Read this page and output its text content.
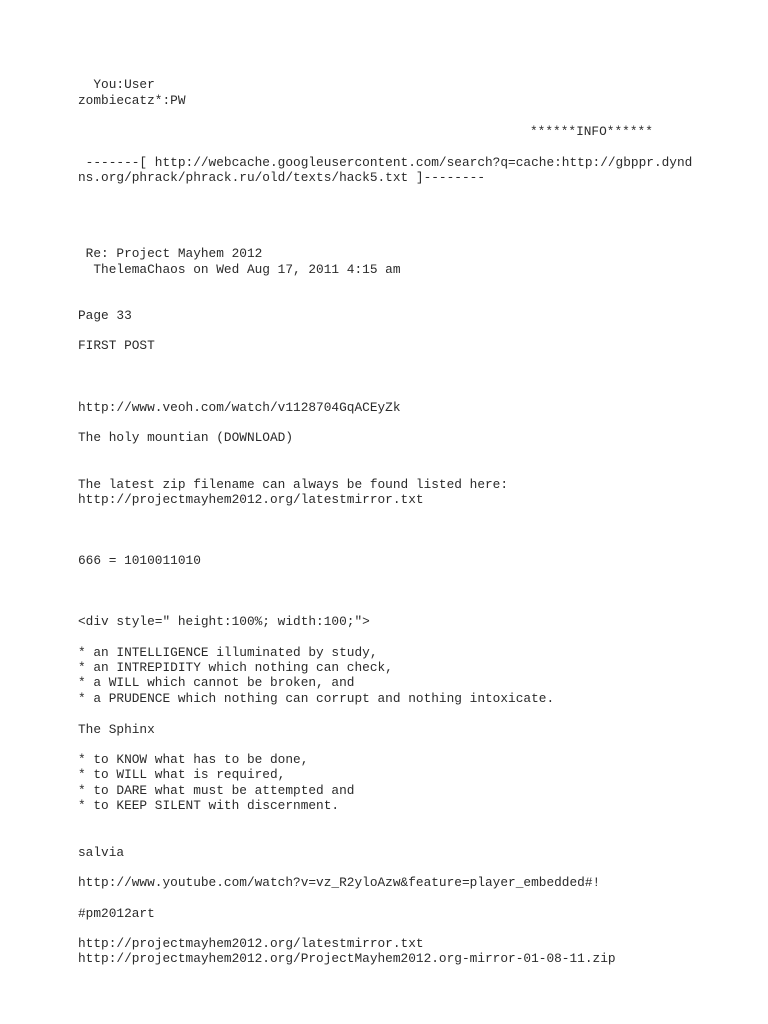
You:User
zombiecatz*:PW
******INFO******
-------[ http://webcache.googleusercontent.com/search?q=cache:http://gbppr.dynd
ns.org/phrack/phrack.ru/old/texts/hack5.txt ]--------
Re: Project Mayhem 2012
ThelemaChaos on Wed Aug 17, 2011 4:15 am
Page 33
FIRST POST
http://www.veoh.com/watch/v1128704GqACEyZk
The holy mountian (DOWNLOAD)
The latest zip filename can always be found listed here:
http://projectmayhem2012.org/latestmirror.txt
666 = 1010011010
<div style=" height:100%; width:100;">
* an INTELLIGENCE illuminated by study,
* an INTREPIDITY which nothing can check,
* a WILL which cannot be broken, and
* a PRUDENCE which nothing can corrupt and nothing intoxicate.
The Sphinx
* to KNOW what has to be done,
* to WILL what is required,
* to DARE what must be attempted and
* to KEEP SILENT with discernment.
salvia
http://www.youtube.com/watch?v=vz_R2yloAzw&feature=player_embedded#!
#pm2012art
http://projectmayhem2012.org/latestmirror.txt
http://projectmayhem2012.org/ProjectMayhem2012.org-mirror-01-08-11.zip
